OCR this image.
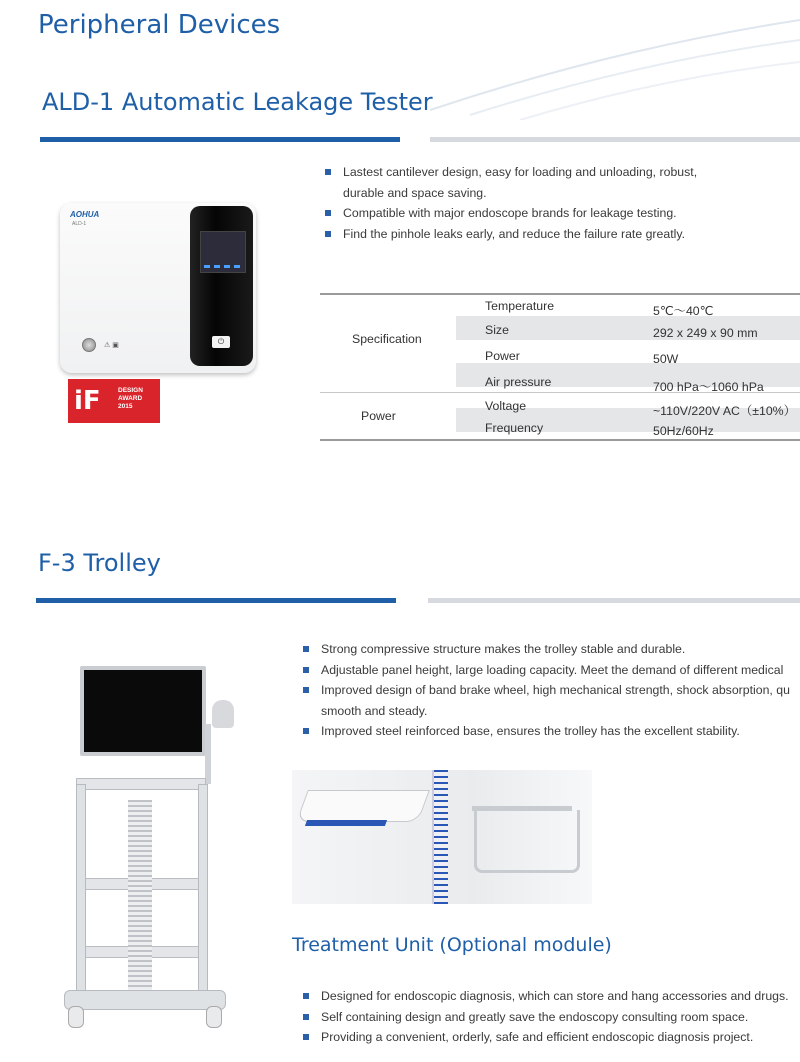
Peripheral Devices
ALD-1 Automatic Leakage Tester
Lastest cantilever design, easy for loading and unloading, robust,
durable and space saving.
Compatible with major endoscope brands for leakage testing.
Find the pinhole leaks early, and reduce the failure rate greatly.
AOHUA
ALD-1
⚠ ▣	⏻
iF	DESIGN
AWARD
2015
Specification
Power
Temperature	5℃～40℃
Size	292 x 249 x 90 mm
Power	50W
Air pressure	700 hPa～1060 hPa
Voltage	~110V/220V AC（±10%）
Frequency	50Hz/60Hz
F-3 Trolley
Strong compressive structure makes the trolley stable and durable.
Adjustable panel height, large loading capacity. Meet the demand of different medical
Improved design of band brake wheel, high mechanical strength, shock absorption, qu
smooth and steady.
Improved steel reinforced base, ensures the trolley has the excellent stability.
Treatment Unit (Optional module)
Designed for endoscopic diagnosis, which can store and hang accessories and drugs.
Self containing design and greatly save the endoscopy consulting room space.
Providing a convenient, orderly, safe and efficient endoscopic diagnosis project.
